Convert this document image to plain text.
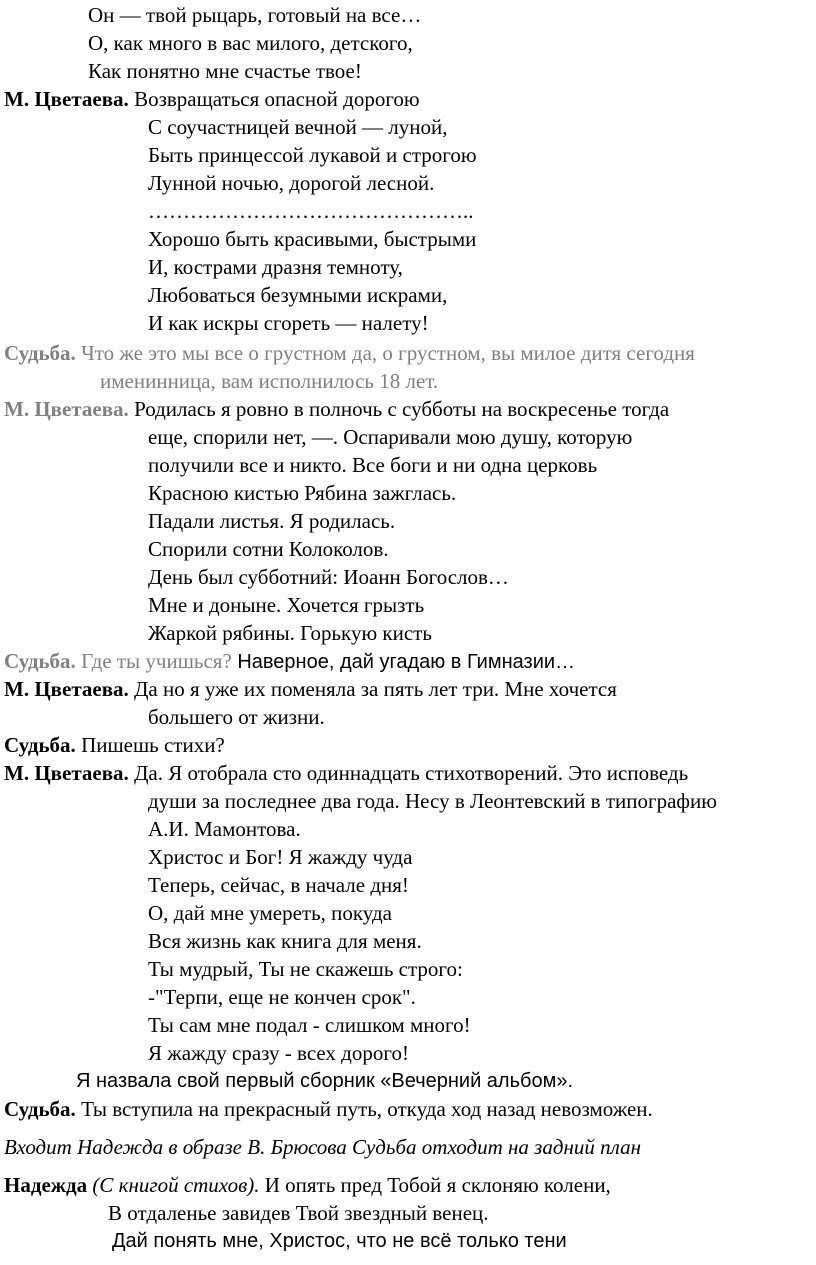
Он — твой рыцарь, готовый на все…
О, как много в вас милого, детского,
Как понятно мне счастье твое!
М. Цветаева. Возвращаться опасной дорогою
С соучастницей вечной — луной,
Быть принцессой лукавой и строгою
Лунной ночью, дорогой лесной.
………………………………………..
Хорошо быть красивыми, быстрыми
И, кострами дразня темноту,
Любоваться безумными искрами,
И как искры сгореть — налету!
Судьба. Что же это мы все о грустном да, о грустном, вы милое дитя сегодня
именинница, вам исполнилось 18 лет.
М. Цветаева. Родилась я ровно в полночь с субботы на воскресенье тогда
еще, спорили нет, —. Оспаривали мою душу, которую
получили все и никто. Все боги и ни одна церковь
Красною кистью Рябина зажглась.
Падали листья. Я родилась.
Спорили сотни Колоколов.
День был субботний: Иоанн Богослов…
Мне и доныне. Хочется грызть
Жаркой рябины. Горькую кисть
Судьба. Где ты учишься? Наверное, дай угадаю в Гимназии…
М. Цветаева. Да но я уже их поменяла за пять лет три. Мне хочется
большего от жизни.
Судьба. Пишешь стихи?
М. Цветаева. Да. Я отобрала сто одиннадцать стихотворений. Это исповедь
души за последнее два года. Несу в Леонтевский в типографию
А.И. Мамонтова.
Христос и Бог! Я жажду чуда
Теперь, сейчас, в начале дня!
О, дай мне умереть, покуда
Вся жизнь как книга для меня.
Ты мудрый, Ты не скажешь строго:
-"Терпи, еще не кончен срок".
Ты сам мне подал - слишком много!
Я жажду сразу - всех дорого!
Я назвала свой первый сборник «Вечерний альбом».
Судьба. Ты вступила на прекрасный путь, откуда ход назад невозможен.
Входит Надежда в образе В. Брюсова Судьба отходит на задний план
Надежда (С книгой стихов). И опять пред Тобой я склоняю колени,
В отдаленье завидев Твой звездный венец.
Дай понять мне, Христос, что не всё только тени
